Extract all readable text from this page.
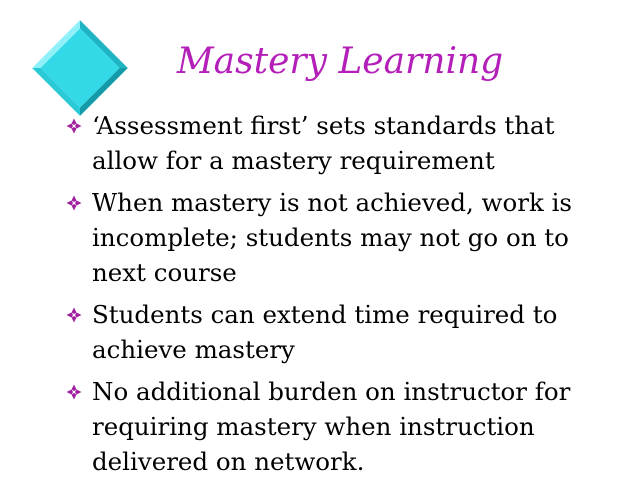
Mastery Learning
‘Assessment first’ sets standards that allow for a mastery requirement
When mastery is not achieved, work is incomplete; students may not go on to next course
Students can extend time required to achieve mastery
No additional burden on instructor for requiring mastery when instruction delivered on network.
